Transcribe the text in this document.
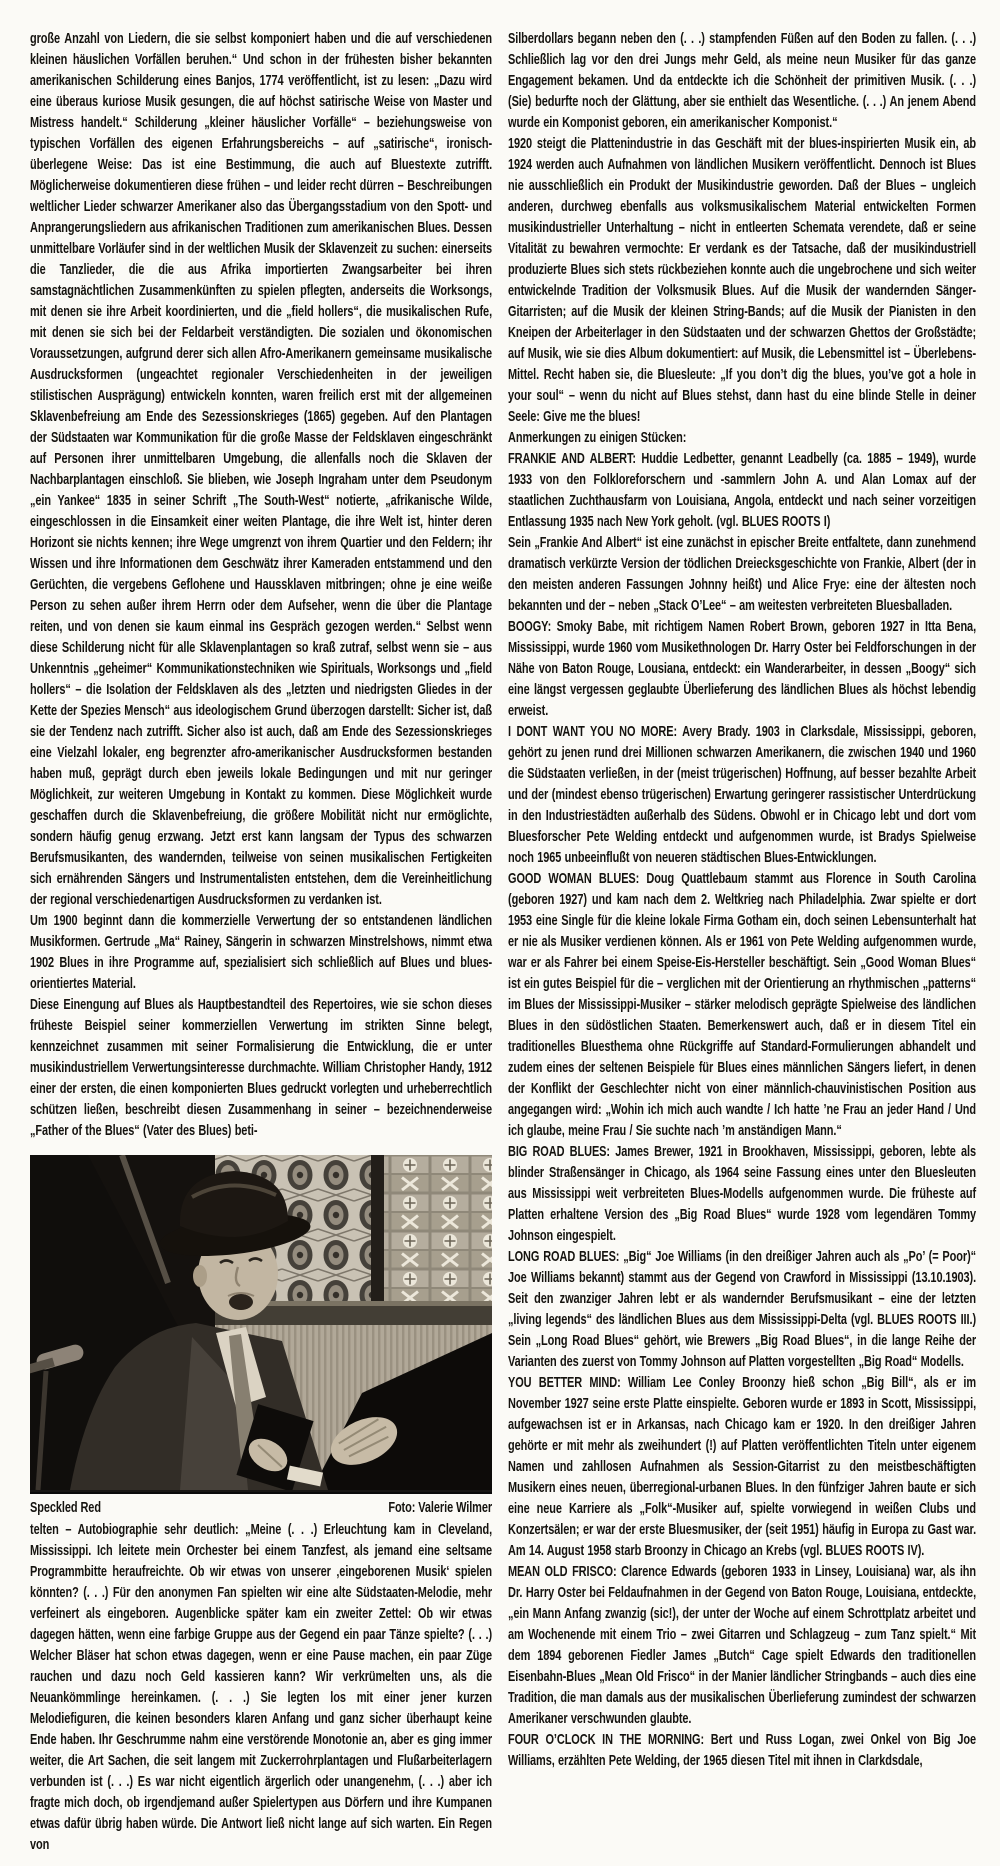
große Anzahl von Liedern, die sie selbst komponiert haben und die auf verschiedenen kleinen häuslichen Vorfällen beruhen.“ Und schon in der frühesten bisher bekannten amerikanischen Schilderung eines Banjos, 1774 veröffentlicht, ist zu lesen: „Dazu wird eine überaus kuriose Musik gesungen, die auf höchst satirische Weise von Master und Mistress handelt.“ Schilderung „kleiner häuslicher Vorfälle“ – beziehungsweise von typischen Vorfällen des eigenen Erfahrungsbereichs – auf „satirische“, ironisch-überlegene Weise: Das ist eine Bestimmung, die auch auf Bluestexte zutrifft. Möglicherweise dokumentieren diese frühen – und leider recht dürren – Beschreibungen weltlicher Lieder schwarzer Amerikaner also das Übergangsstadium von den Spott- und Anprangerungsliedern aus afrikanischen Traditionen zum amerikanischen Blues. Dessen unmittelbare Vorläufer sind in der weltlichen Musik der Sklavenzeit zu suchen: einerseits die Tanzlieder, die die aus Afrika importierten Zwangsarbeiter bei ihren samstagnächtlichen Zusammenkünften zu spielen pflegten, anderseits die Worksongs, mit denen sie ihre Arbeit koordinierten, und die „field hollers“, die musikalischen Rufe, mit denen sie sich bei der Feldarbeit verständigten. Die sozialen und ökonomischen Voraussetzungen, aufgrund derer sich allen Afro-Amerikanern gemeinsame musikalische Ausdrucksformen (ungeachtet regionaler Verschiedenheiten in der jeweiligen stilistischen Ausprägung) entwickeln konnten, waren freilich erst mit der allgemeinen Sklavenbefreiung am Ende des Sezessionskrieges (1865) gegeben. Auf den Plantagen der Südstaaten war Kommunikation für die große Masse der Feldsklaven eingeschränkt auf Personen ihrer unmittelbaren Umgebung, die allenfalls noch die Sklaven der Nachbarplantagen einschloß. Sie blieben, wie Joseph Ingraham unter dem Pseudonym „ein Yankee“ 1835 in seiner Schrift „The South-West“ notierte, „afrikanische Wilde, eingeschlossen in die Einsamkeit einer weiten Plantage, die ihre Welt ist, hinter deren Horizont sie nichts kennen; ihre Wege umgrenzt von ihrem Quartier und den Feldern; ihr Wissen und ihre Informationen dem Geschwätz ihrer Kameraden entstammend und den Gerüchten, die vergebens Geflohene und Haussklaven mitbringen; ohne je eine weiße Person zu sehen außer ihrem Herrn oder dem Aufseher, wenn die über die Plantage reiten, und von denen sie kaum einmal ins Gespräch gezogen werden.“ Selbst wenn diese Schilderung nicht für alle Sklavenplantagen so kraß zutraf, selbst wenn sie – aus Unkenntnis „geheimer“ Kommunikationstechniken wie Spirituals, Worksongs und „field hollers“ – die Isolation der Feldsklaven als des „letzten und niedrigsten Gliedes in der Kette der Spezies Mensch“ aus ideologischem Grund überzogen darstellt: Sicher ist, daß sie der Tendenz nach zutrifft. Sicher also ist auch, daß am Ende des Sezessionskrieges eine Vielzahl lokaler, eng begrenzter afro-amerikanischer Ausdrucksformen bestanden haben muß, geprägt durch eben jeweils lokale Bedingungen und mit nur geringer Möglichkeit, zur weiteren Umgebung in Kontakt zu kommen. Diese Möglichkeit wurde geschaffen durch die Sklavenbefreiung, die größere Mobilität nicht nur ermöglichte, sondern häufig genug erzwang. Jetzt erst kann langsam der Typus des schwarzen Berufsmusikanten, des wandernden, teilweise von seinen musikalischen Fertigkeiten sich ernährenden Sängers und Instrumentalisten entstehen, dem die Vereinheitlichung der regional verschiedenartigen Ausdrucksformen zu verdanken ist.

Um 1900 beginnt dann die kommerzielle Verwertung der so entstandenen ländlichen Musikformen. Gertrude „Ma“ Rainey, Sängerin in schwarzen Minstrelshows, nimmt etwa 1902 Blues in ihre Programme auf, spezialisiert sich schließlich auf Blues und blues-orientiertes Material.

Diese Einengung auf Blues als Hauptbestandteil des Repertoires, wie sie schon dieses früheste Beispiel seiner kommerziellen Verwertung im strikten Sinne belegt, kennzeichnet zusammen mit seiner Formalisierung die Entwicklung, die er unter musikindustriellem Verwertungsinteresse durchmachte. William Christopher Handy, 1912 einer der ersten, die einen komponierten Blues gedruckt vorlegten und urheberrechtlich schützen ließen, beschreibt diesen Zusammenhang in seiner – bezeichnenderweise „Father of the Blues“ (Vater des Blues) beti-

Speckled Red	Foto: Valerie Wilmer

telten – Autobiographie sehr deutlich: „Meine (. . .) Erleuchtung kam in Cleveland, Mississippi. Ich leitete mein Orchester bei einem Tanzfest, als jemand eine seltsame Programmbitte heraufreichte. Ob wir etwas von unserer ‚eingeborenen Musik‘ spielen könnten? (. . .) Für den anonymen Fan spielten wir eine alte Südstaaten-Melodie, mehr verfeinert als eingeboren. Augenblicke später kam ein zweiter Zettel: Ob wir etwas dagegen hätten, wenn eine farbige Gruppe aus der Gegend ein paar Tänze spielte? (. . .) Welcher Bläser hat schon etwas dagegen, wenn er eine Pause machen, ein paar Züge rauchen und dazu noch Geld kassieren kann? Wir verkrümelten uns, als die Neuankömmlinge hereinkamen. (. . .) Sie legten los mit einer jener kurzen Melodiefiguren, die keinen besonders klaren Anfang und ganz sicher überhaupt keine Ende haben. Ihr Geschrumme nahm eine verstörende Monotonie an, aber es ging immer weiter, die Art Sachen, die seit langem mit Zuckerrohrplantagen und Flußarbeiterlagern verbunden ist (. . .) Es war nicht eigentlich ärgerlich oder unangenehm, (. . .) aber ich fragte mich doch, ob irgendjemand außer Spielertypen aus Dörfern und ihre Kumpanen etwas dafür übrig haben würde. Die Antwort ließ nicht lange auf sich warten. Ein Regen von

Silberdollars begann neben den (. . .) stampfenden Füßen auf den Boden zu fallen. (. . .) Schließlich lag vor den drei Jungs mehr Geld, als meine neun Musiker für das ganze Engagement bekamen. Und da entdeckte ich die Schönheit der primitiven Musik. (. . .) (Sie) bedurfte noch der Glättung, aber sie enthielt das Wesentliche. (. . .) An jenem Abend wurde ein Komponist geboren, ein amerikanischer Komponist.“

1920 steigt die Plattenindustrie in das Geschäft mit der blues-inspirierten Musik ein, ab 1924 werden auch Aufnahmen von ländlichen Musikern veröffentlicht. Dennoch ist Blues nie ausschließlich ein Produkt der Musikindustrie geworden. Daß der Blues – ungleich anderen, durchweg ebenfalls aus volksmusikalischem Material entwickelten Formen musikindustrieller Unterhaltung – nicht in entleerten Schemata verendete, daß er seine Vitalität zu bewahren vermochte: Er verdank es der Tatsache, daß der musikindustriell produzierte Blues sich stets rückbeziehen konnte auch die ungebrochene und sich weiter entwickelnde Tradition der Volksmusik Blues. Auf die Musik der wandernden Sänger-Gitarristen; auf die Musik der kleinen String-Bands; auf die Musik der Pianisten in den Kneipen der Arbeiterlager in den Südstaaten und der schwarzen Ghettos der Großstädte; auf Musik, wie sie dies Album dokumentiert: auf Musik, die Lebensmittel ist – Überlebens-Mittel. Recht haben sie, die Bluesleute: „If you don’t dig the blues, you’ve got a hole in your soul“ – wenn du nicht auf Blues stehst, dann hast du eine blinde Stelle in deiner Seele: Give me the blues!

Anmerkungen zu einigen Stücken:

FRANKIE AND ALBERT: Huddie Ledbetter, genannt Leadbelly (ca. 1885 – 1949), wurde 1933 von den Folkloreforschern und -sammlern John A. und Alan Lomax auf der staatlichen Zuchthausfarm von Louisiana, Angola, entdeckt und nach seiner vorzeitigen Entlassung 1935 nach New York geholt. (vgl. BLUES ROOTS I)

Sein „Frankie And Albert“ ist eine zunächst in epischer Breite entfaltete, dann zunehmend dramatisch verkürzte Version der tödlichen Dreiecksgeschichte von Frankie, Albert (der in den meisten anderen Fassungen Johnny heißt) und Alice Frye: eine der ältesten noch bekannten und der – neben „Stack O’Lee“ – am weitesten verbreiteten Bluesballaden.

BOOGY: Smoky Babe, mit richtigem Namen Robert Brown, geboren 1927 in Itta Bena, Mississippi, wurde 1960 vom Musikethnologen Dr. Harry Oster bei Feldforschungen in der Nähe von Baton Rouge, Lousiana, entdeckt: ein Wanderarbeiter, in dessen „Boogy“ sich eine längst vergessen geglaubte Überlieferung des ländlichen Blues als höchst lebendig erweist.

I DONT WANT YOU NO MORE: Avery Brady. 1903 in Clarksdale, Mississippi, geboren, gehört zu jenen rund drei Millionen schwarzen Amerikanern, die zwischen 1940 und 1960 die Südstaaten verließen, in der (meist trügerischen) Hoffnung, auf besser bezahlte Arbeit und der (mindest ebenso trügerischen) Erwartung geringerer rassistischer Unterdrückung in den Industriestädten außerhalb des Südens. Obwohl er in Chicago lebt und dort vom Bluesforscher Pete Welding entdeckt und aufgenommen wurde, ist Bradys Spielweise noch 1965 unbeeinflußt von neueren städtischen Blues-Entwicklungen.

GOOD WOMAN BLUES: Doug Quattlebaum stammt aus Florence in South Carolina (geboren 1927) und kam nach dem 2. Weltkrieg nach Philadelphia. Zwar spielte er dort 1953 eine Single für die kleine lokale Firma Gotham ein, doch seinen Lebensunterhalt hat er nie als Musiker verdienen können. Als er 1961 von Pete Welding aufgenommen wurde, war er als Fahrer bei einem Speise-Eis-Hersteller beschäftigt. Sein „Good Woman Blues“ ist ein gutes Beispiel für die – verglichen mit der Orientierung an rhythmischen „patterns“ im Blues der Mississippi-Musiker – stärker melodisch geprägte Spielweise des ländlichen Blues in den südöstlichen Staaten. Bemerkenswert auch, daß er in diesem Titel ein traditionelles Bluesthema ohne Rückgriffe auf Standard-Formulierungen abhandelt und zudem eines der seltenen Beispiele für Blues eines männlichen Sängers liefert, in denen der Konflikt der Geschlechter nicht von einer männlich-chauvinistischen Position aus angegangen wird: „Wohin ich mich auch wandte / Ich hatte ’ne Frau an jeder Hand / Und ich glaube, meine Frau / Sie suchte nach ’m anständigen Mann.“

BIG ROAD BLUES: James Brewer, 1921 in Brookhaven, Mississippi, geboren, lebte als blinder Straßensänger in Chicago, als 1964 seine Fassung eines unter den Bluesleuten aus Mississippi weit verbreiteten Blues-Modells aufgenommen wurde. Die früheste auf Platten erhaltene Version des „Big Road Blues“ wurde 1928 vom legendären Tommy Johnson eingespielt.

LONG ROAD BLUES: „Big“ Joe Williams (in den dreißiger Jahren auch als „Po’ (= Poor)“ Joe Williams bekannt) stammt aus der Gegend von Crawford in Mississippi (13.10.1903). Seit den zwanziger Jahren lebt er als wandernder Berufsmusikant – eine der letzten „living legends“ des ländlichen Blues aus dem Mississippi-Delta (vgl. BLUES ROOTS III.) Sein „Long Road Blues“ gehört, wie Brewers „Big Road Blues“, in die lange Reihe der Varianten des zuerst von Tommy Johnson auf Platten vorgestellten „Big Road“ Modells.

YOU BETTER MIND: William Lee Conley Broonzy hieß schon „Big Bill“, als er im November 1927 seine erste Platte einspielte. Geboren wurde er 1893 in Scott, Mississippi, aufgewachsen ist er in Arkansas, nach Chicago kam er 1920. In den dreißiger Jahren gehörte er mit mehr als zweihundert (!) auf Platten veröffentlichten Titeln unter eigenem Namen und zahllosen Aufnahmen als Session-Gitarrist zu den meistbeschäftigten Musikern eines neuen, überregional-urbanen Blues. In den fünfziger Jahren baute er sich eine neue Karriere als „Folk“-Musiker auf, spielte vorwiegend in weißen Clubs und Konzertsälen; er war der erste Bluesmusiker, der (seit 1951) häufig in Europa zu Gast war. Am 14. August 1958 starb Broonzy in Chicago an Krebs (vgl. BLUES ROOTS IV).

MEAN OLD FRISCO: Clarence Edwards (geboren 1933 in Linsey, Louisiana) war, als ihn Dr. Harry Oster bei Feldaufnahmen in der Gegend von Baton Rouge, Louisiana, entdeckte, „ein Mann Anfang zwanzig (sic!), der unter der Woche auf einem Schrottplatz arbeitet und am Wochenende mit einem Trio – zwei Gitarren und Schlagzeug – zum Tanz spielt.“ Mit dem 1894 geborenen Fiedler James „Butch“ Cage spielt Edwards den traditionellen Eisenbahn-Blues „Mean Old Frisco“ in der Manier ländlicher Stringbands – auch dies eine Tradition, die man damals aus der musikalischen Überlieferung zumindest der schwarzen Amerikaner verschwunden glaubte.

FOUR O’CLOCK IN THE MORNING: Bert und Russ Logan, zwei Onkel von Big Joe Williams, erzählten Pete Welding, der 1965 diesen Titel mit ihnen in Clarkdsdale,
